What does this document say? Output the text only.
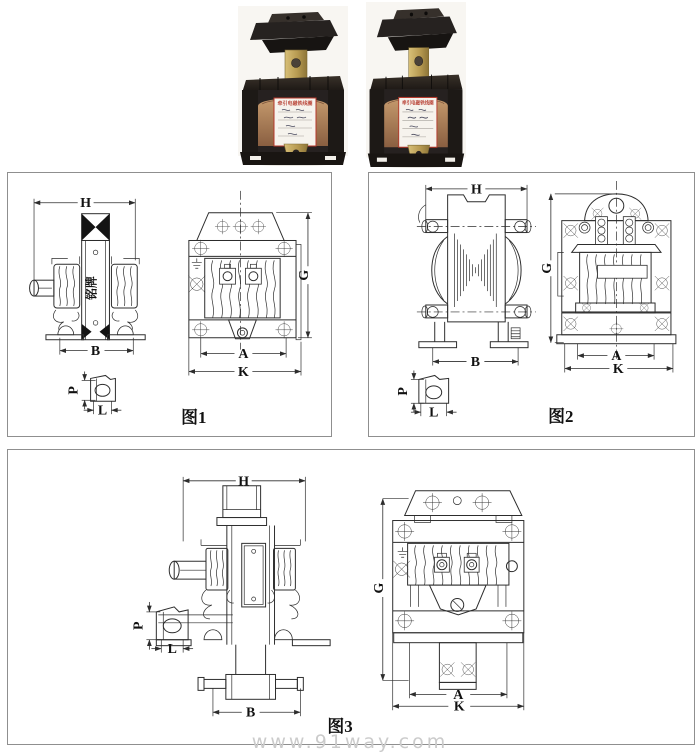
H
铭牌
B
P
L
G
A
K
图1
H
B
P
L
G
A
K
图2
H
B
P
L
G
A
K
图3
www.91way.com
